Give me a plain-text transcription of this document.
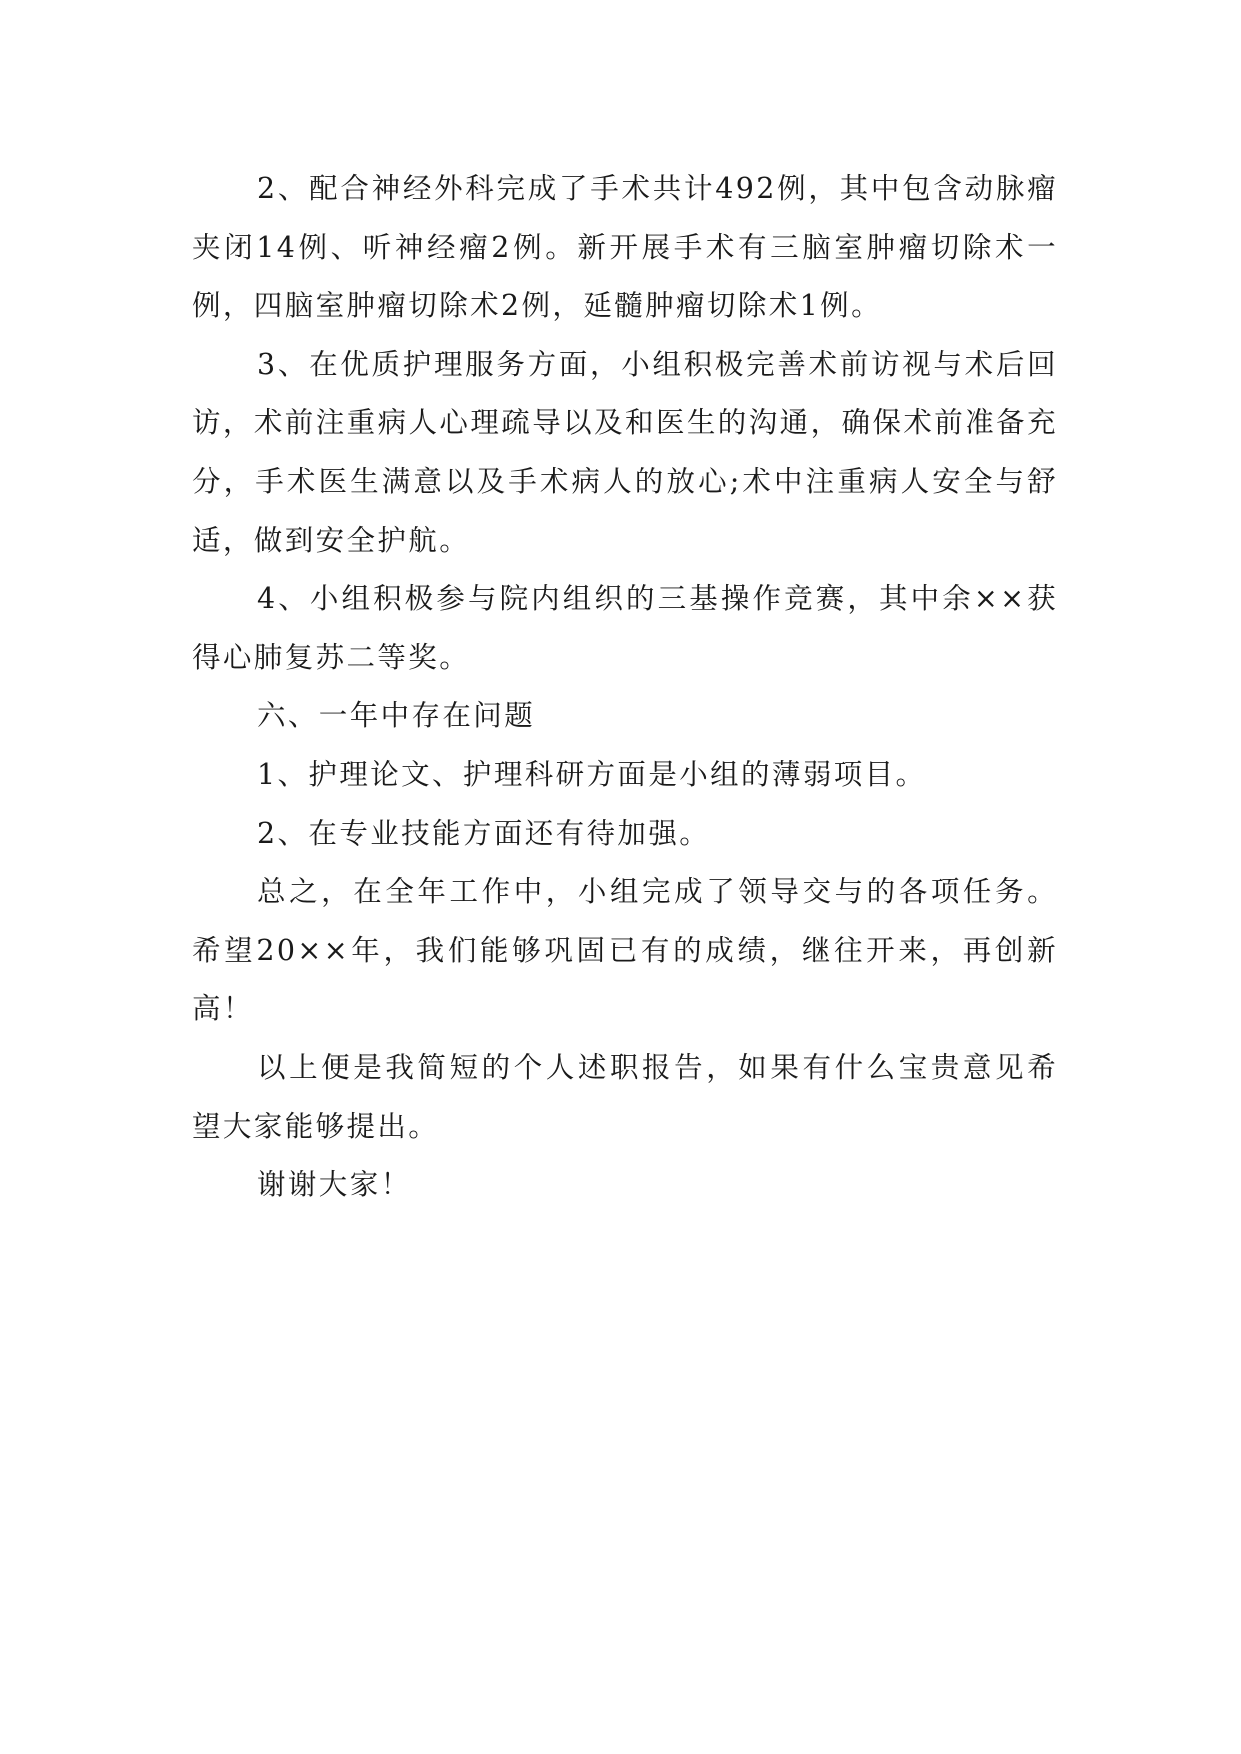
2、配合神经外科完成了手术共计492例，其中包含动脉瘤夹闭14例、听神经瘤2例。新开展手术有三脑室肿瘤切除术一例，四脑室肿瘤切除术2例，延髓肿瘤切除术1例。

3、在优质护理服务方面，小组积极完善术前访视与术后回访，术前注重病人心理疏导以及和医生的沟通，确保术前准备充分，手术医生满意以及手术病人的放心;术中注重病人安全与舒适，做到安全护航。

4、小组积极参与院内组织的三基操作竞赛，其中余××获得心肺复苏二等奖。

六、一年中存在问题

1、护理论文、护理科研方面是小组的薄弱项目。

2、在专业技能方面还有待加强。

总之，在全年工作中，小组完成了领导交与的各项任务。希望20××年，我们能够巩固已有的成绩，继往开来，再创新高！

以上便是我简短的个人述职报告，如果有什么宝贵意见希望大家能够提出。

谢谢大家！
